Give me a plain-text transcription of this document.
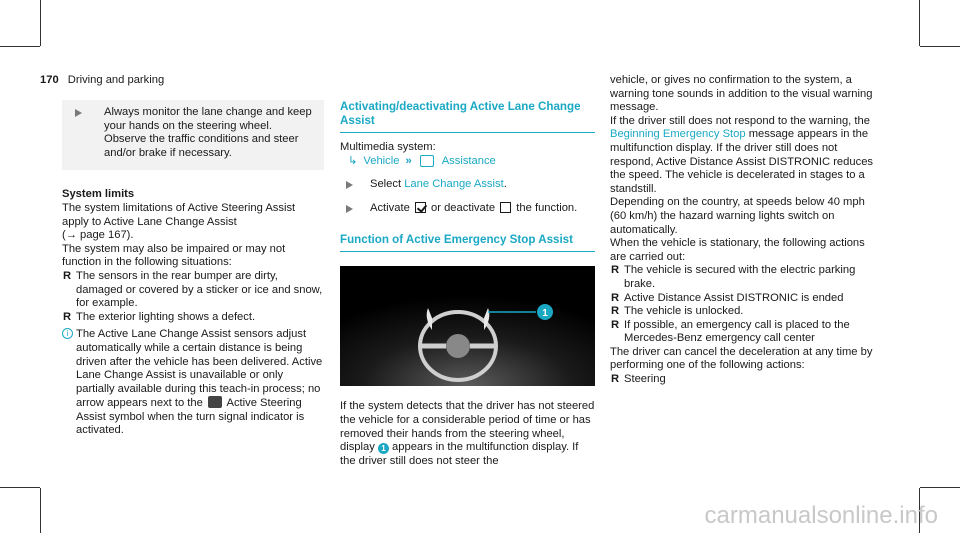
170 Driving and parking

Always monitor the lane change and keep your hands on the steering wheel. Observe the traffic conditions and steer and/or brake if necessary.

System limits

The system limitations of Active Steering Assist apply to Active Lane Change Assist
(→ page 167).

The system may also be impaired or may not function in the following situations:

R The sensors in the rear bumper are dirty, damaged or covered by a sticker or ice and snow, for example.
R The exterior lighting shows a defect.
i The Active Lane Change Assist sensors adjust automatically while a certain distance is being driven after the vehicle has been delivered. Active Lane Change Assist is unavailable or only partially available during this teach-in process; no arrow appears next to the Active Steering Assist symbol when the turn signal indicator is activated.

Activating/deactivating Active Lane Change Assist

Multimedia system:

↳ Vehicle »	Assistance
Select Lane Change Assist.
Activate or deactivate the function.

Function of Active Emergency Stop Assist

1

If the system detects that the driver has not steered the vehicle for a considerable period of time or has removed their hands from the steering wheel, display 1 appears in the multifunction display. If the driver still does not steer the

vehicle, or gives no confirmation to the system, a warning tone sounds in addition to the visual warning message.

If the driver still does not respond to the warning, the Beginning Emergency Stop message appears in the multifunction display. If the driver still does not respond, Active Distance Assist DISTRONIC reduces the speed. The vehicle is decelerated in stages to a standstill.

Depending on the country, at speeds below 40 mph (60 km/h) the hazard warning lights switch on automatically.

When the vehicle is stationary, the following actions are carried out:

R The vehicle is secured with the electric parking brake.
R Active Distance Assist DISTRONIC is ended
R The vehicle is unlocked.
R If possible, an emergency call is placed to the Mercedes-Benz emergency call center

The driver can cancel the deceleration at any time by performing one of the following actions:

R Steering
carmanualsonline.info
